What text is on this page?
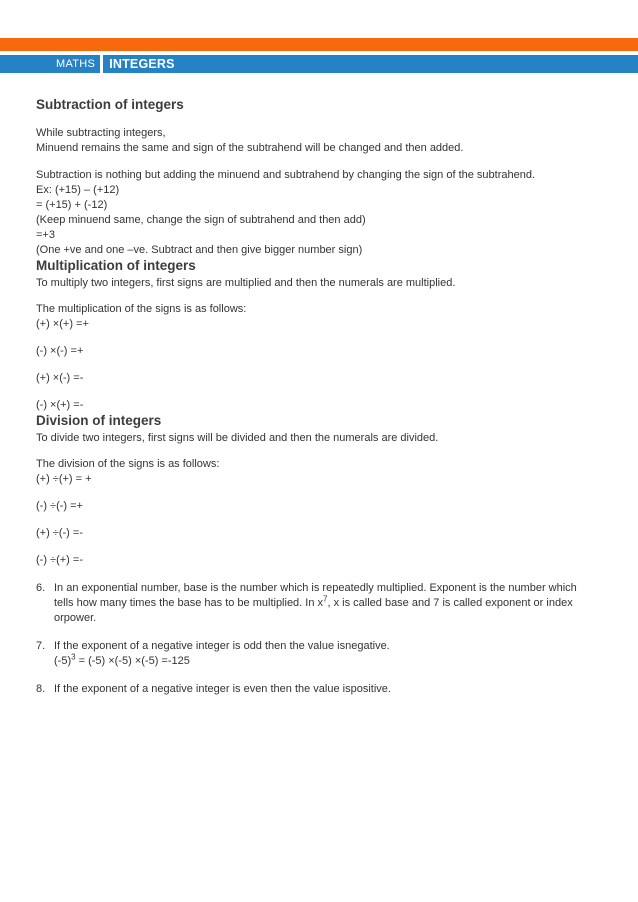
MATHS INTEGERS
Subtraction of integers

While subtracting integers,

Minuend remains the same and sign of the subtrahend will be changed and then added.

Subtraction is nothing but adding the minuend and subtrahend by changing the sign of the subtrahend.

Ex: (+15) – (+12)

= (+15) + (-12)

(Keep minuend same, change the sign of subtrahend and then add)

=+3

(One +ve and one –ve. Subtract and then give bigger number sign)

Multiplication of integers

To multiply two integers, first signs are multiplied and then the numerals are multiplied.

The multiplication of the signs is as follows:

(+) ×(+) =+

(-) ×(-) =+

(+) ×(-) =-

(-) ×(+) =-

Division of integers

To divide two integers, first signs will be divided and then the numerals are divided.

The division of the signs is as follows:

(+) ÷(+) = +

(-) ÷(-) =+

(+) ÷(-) =-

(-) ÷(+) =-

6. In an exponential number, base is the number which is repeatedly multiplied. Exponent is the number which tells how many times the base has to be multiplied. In $x^7$, x is called base and 7 is called exponent or index orpower.
7. If the exponent of a negative integer is odd then the value isnegative.
$(-5)^3 = (-5) \times(-5) \times(-5) =-125$
8. If the exponent of a negative integer is even then the value ispositive.
